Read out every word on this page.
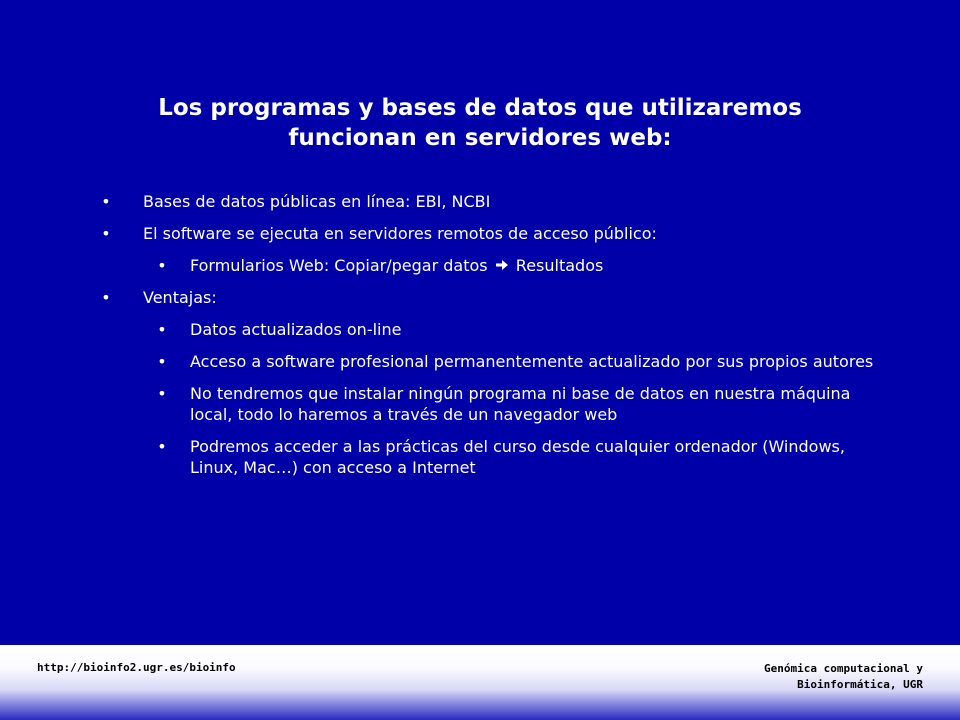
Los programas y bases de datos que utilizaremos
funcionan en servidores web:
• Bases de datos públicas en línea: EBI, NCBI
• El software se ejecuta en servidores remotos de acceso público:
• Formularios Web: Copiar/pegar datos Resultados
• Ventajas:
• Datos actualizados on-line
• Acceso a software profesional permanentemente actualizado por sus propios autores
• No tendremos que instalar ningún programa ni base de datos en nuestra máquina local, todo lo haremos a través de un navegador web
• Podremos acceder a las prácticas del curso desde cualquier ordenador (Windows, Linux, Mac…) con acceso a Internet
http://bioinfo2.ugr.es/bioinfo	Genómica computacional y
Bioinformática, UGR
